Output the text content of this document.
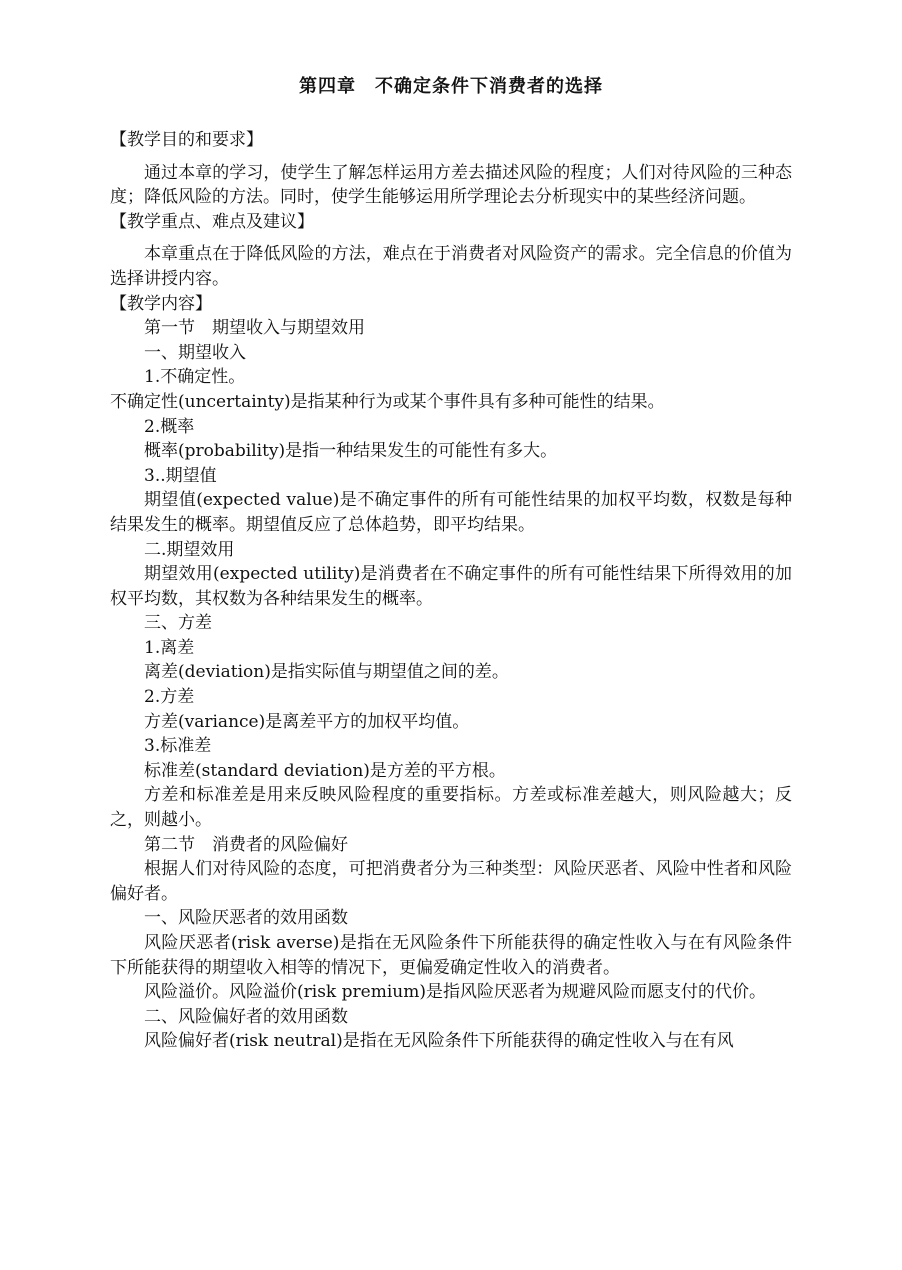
第四章　不确定条件下消费者的选择

【教学目的和要求】

通过本章的学习，使学生了解怎样运用方差去描述风险的程度；人们对待风险的三种态度；降低风险的方法。同时，使学生能够运用所学理论去分析现实中的某些经济问题。

【教学重点、难点及建议】

本章重点在于降低风险的方法，难点在于消费者对风险资产的需求。完全信息的价值为选择讲授内容。

【教学内容】

第一节　期望收入与期望效用

一、期望收入

1.不确定性。

不确定性(uncertainty)是指某种行为或某个事件具有多种可能性的结果。

2.概率

概率(probability)是指一种结果发生的可能性有多大。

3..期望值

期望值(expected value)是不确定事件的所有可能性结果的加权平均数，权数是每种结果发生的概率。期望值反应了总体趋势，即平均结果。

二.期望效用

期望效用(expected utility)是消费者在不确定事件的所有可能性结果下所得效用的加权平均数，其权数为各种结果发生的概率。

三、方差

1.离差

离差(deviation)是指实际值与期望值之间的差。

2.方差

方差(variance)是离差平方的加权平均值。

3.标准差

标准差(standard deviation)是方差的平方根。

方差和标准差是用来反映风险程度的重要指标。方差或标准差越大，则风险越大；反之，则越小。

第二节　消费者的风险偏好

根据人们对待风险的态度，可把消费者分为三种类型：风险厌恶者、风险中性者和风险偏好者。

一、风险厌恶者的效用函数

风险厌恶者(risk averse)是指在无风险条件下所能获得的确定性收入与在有风险条件下所能获得的期望收入相等的情况下，更偏爱确定性收入的消费者。

风险溢价。风险溢价(risk premium)是指风险厌恶者为规避风险而愿支付的代价。

二、风险偏好者的效用函数

风险偏好者(risk neutral)是指在无风险条件下所能获得的确定性收入与在有风
